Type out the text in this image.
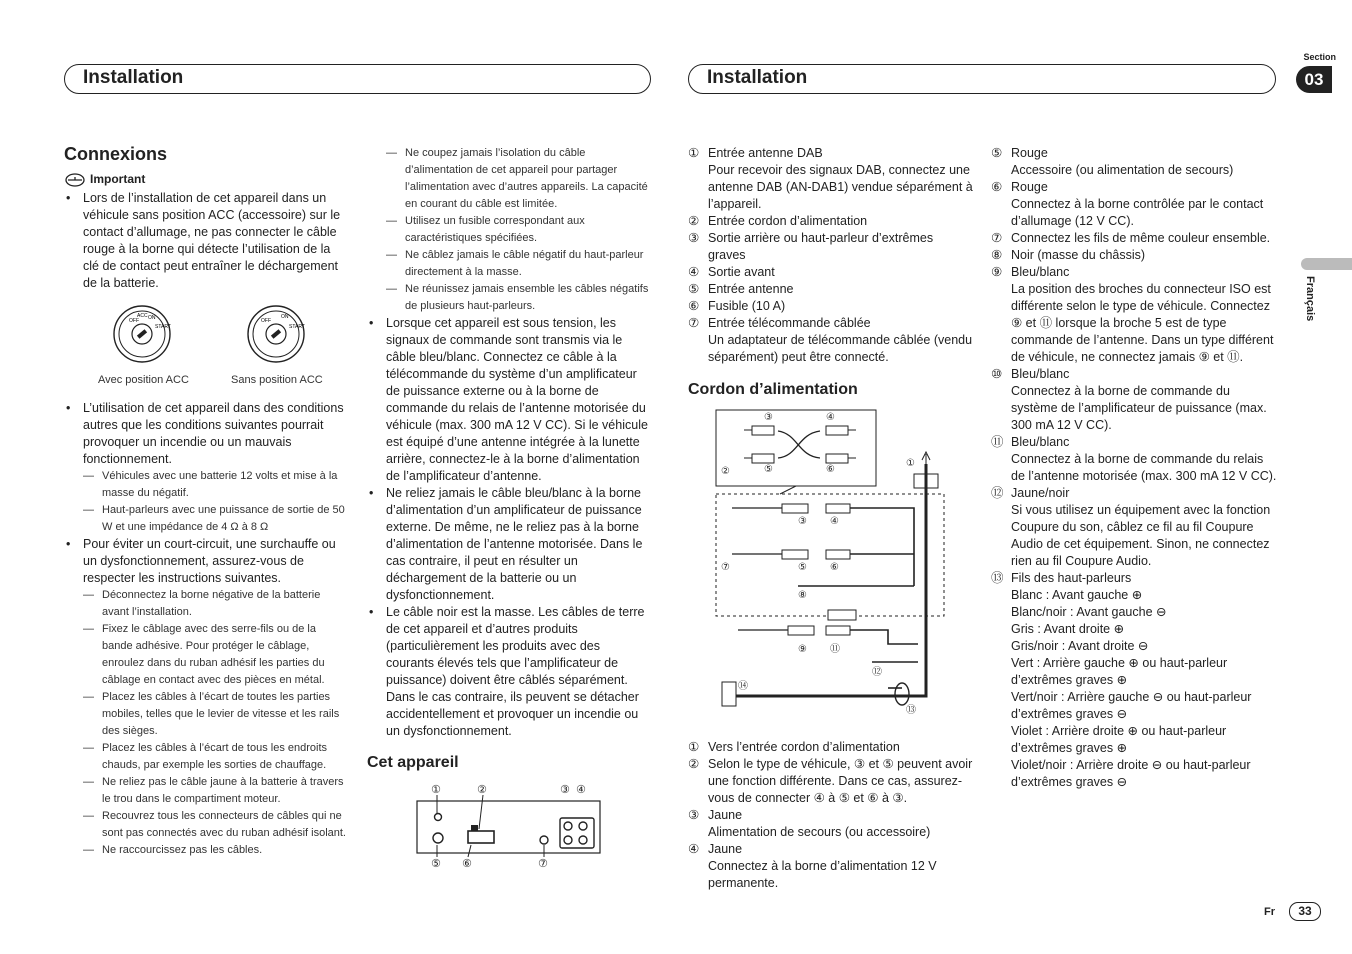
Installation	Installation
Section
03
Français
Connexions
Important
• Lors de l’installation de cet appareil dans un véhicule sans position ACC (accessoire) sur le contact d’allumage, ne pas connecter le câble rouge à la borne qui détecte l’utilisation de la clé de contact peut entraîner le déchargement de la batterie.
OFF
ACC ON
START
OFF
ON
START
Avec position ACC	Sans position ACC
• L’utilisation de cet appareil dans des conditions autres que les conditions suivantes pourrait provoquer un incendie ou un mauvais fonctionnement.
— Véhicules avec une batterie 12 volts et mise à la masse du négatif.
— Haut-parleurs avec une puissance de sortie de 50 W et une impédance de 4 Ω à 8 Ω
• Pour éviter un court-circuit, une surchauffe ou un dysfonctionnement, assurez-vous de respecter les instructions suivantes.
— Déconnectez la borne négative de la batterie avant l’installation.
— Fixez le câblage avec des serre-fils ou de la bande adhésive. Pour protéger le câblage, enroulez dans du ruban adhésif les parties du câblage en contact avec des pièces en métal.
— Placez les câbles à l’écart de toutes les parties mobiles, telles que le levier de vitesse et les rails des sièges.
— Placez les câbles à l’écart de tous les endroits chauds, par exemple les sorties de chauffage.
— Ne reliez pas le câble jaune à la batterie à travers le trou dans le compartiment moteur.
— Recouvrez tous les connecteurs de câbles qui ne sont pas connectés avec du ruban adhésif isolant.
— Ne raccourcissez pas les câbles.
— Ne coupez jamais l’isolation du câble d’alimentation de cet appareil pour partager l’alimentation avec d’autres appareils. La capacité en courant du câble est limitée.
— Utilisez un fusible correspondant aux caractéristiques spécifiées.
— Ne câblez jamais le câble négatif du haut-parleur directement à la masse.
— Ne réunissez jamais ensemble les câbles négatifs de plusieurs haut-parleurs.
• Lorsque cet appareil est sous tension, les signaux de commande sont transmis via le câble bleu/blanc. Connectez ce câble à la télécommande du système d’un amplificateur de puissance externe ou à la borne de commande du relais de l’antenne motorisée du véhicule (max. 300 mA 12 V CC). Si le véhicule est équipé d’une antenne intégrée à la lunette arrière, connectez-le à la borne d’alimentation de l’amplificateur d’antenne.
• Ne reliez jamais le câble bleu/blanc à la borne d’alimentation d’un amplificateur de puissance externe. De même, ne le reliez pas à la borne d’alimentation de l’antenne motorisée. Dans le cas contraire, il peut en résulter un déchargement de la batterie ou un dysfonctionnement.
• Le câble noir est la masse. Les câbles de terre de cet appareil et d’autres produits (particulièrement les produits avec des courants élevés tels que l’amplificateur de puissance) doivent être câblés séparément. Dans le cas contraire, ils peuvent se détacher accidentellement et provoquer un incendie ou un dysfonctionnement.
Cet appareil
①	②	③ ④
⑤ ⑥	⑦
① Entrée antenne DAB
Pour recevoir des signaux DAB, connectez une antenne DAB (AN-DAB1) vendue séparément à l’appareil.
② Entrée cordon d’alimentation
③ Sortie arrière ou haut-parleur d’extrêmes graves
④ Sortie avant
⑤ Entrée antenne
⑥ Fusible (10 A)
⑦ Entrée télécommande câblée
Un adaptateur de télécommande câblée (vendu séparément) peut être connecté.
Cordon d’alimentation
③	④
②	⑤	⑥
①
③ ④
⑦	⑤ ⑥
⑧
⑨ ⑪
⑫
⑭
⑬
① Vers l’entrée cordon d’alimentation
② Selon le type de véhicule, ③ et ⑤ peuvent avoir une fonction différente. Dans ce cas, assurez-vous de connecter ④ à ⑤ et ⑥ à ③.
③ Jaune
Alimentation de secours (ou accessoire)
④ Jaune
Connectez à la borne d’alimentation 12 V permanente.
⑤ Rouge
Accessoire (ou alimentation de secours)
⑥ Rouge
Connectez à la borne contrôlée par le contact d’allumage (12 V CC).
⑦ Connectez les fils de même couleur ensemble.
⑧ Noir (masse du châssis)
⑨ Bleu/blanc
La position des broches du connecteur ISO est différente selon le type de véhicule. Connectez ⑨ et ⑪ lorsque la broche 5 est de type commande de l’antenne. Dans un type différent de véhicule, ne connectez jamais ⑨ et ⑪.
⑩ Bleu/blanc
Connectez à la borne de commande du système de l’amplificateur de puissance (max. 300 mA 12 V CC).
⑪ Bleu/blanc
Connectez à la borne de commande du relais de l’antenne motorisée (max. 300 mA 12 V CC).
⑫ Jaune/noir
Si vous utilisez un équipement avec la fonction Coupure du son, câblez ce fil au fil Coupure Audio de cet équipement. Sinon, ne connectez rien au fil Coupure Audio.
⑬ Fils des haut-parleurs
Blanc : Avant gauche ⊕
Blanc/noir : Avant gauche ⊖
Gris : Avant droite ⊕
Gris/noir : Avant droite ⊖
Vert : Arrière gauche ⊕ ou haut-parleur d’extrêmes graves ⊕
Vert/noir : Arrière gauche ⊖ ou haut-parleur d’extrêmes graves ⊖
Violet : Arrière droite ⊕ ou haut-parleur d’extrêmes graves ⊕
Violet/noir : Arrière droite ⊖ ou haut-parleur d’extrêmes graves ⊖
Fr	33
